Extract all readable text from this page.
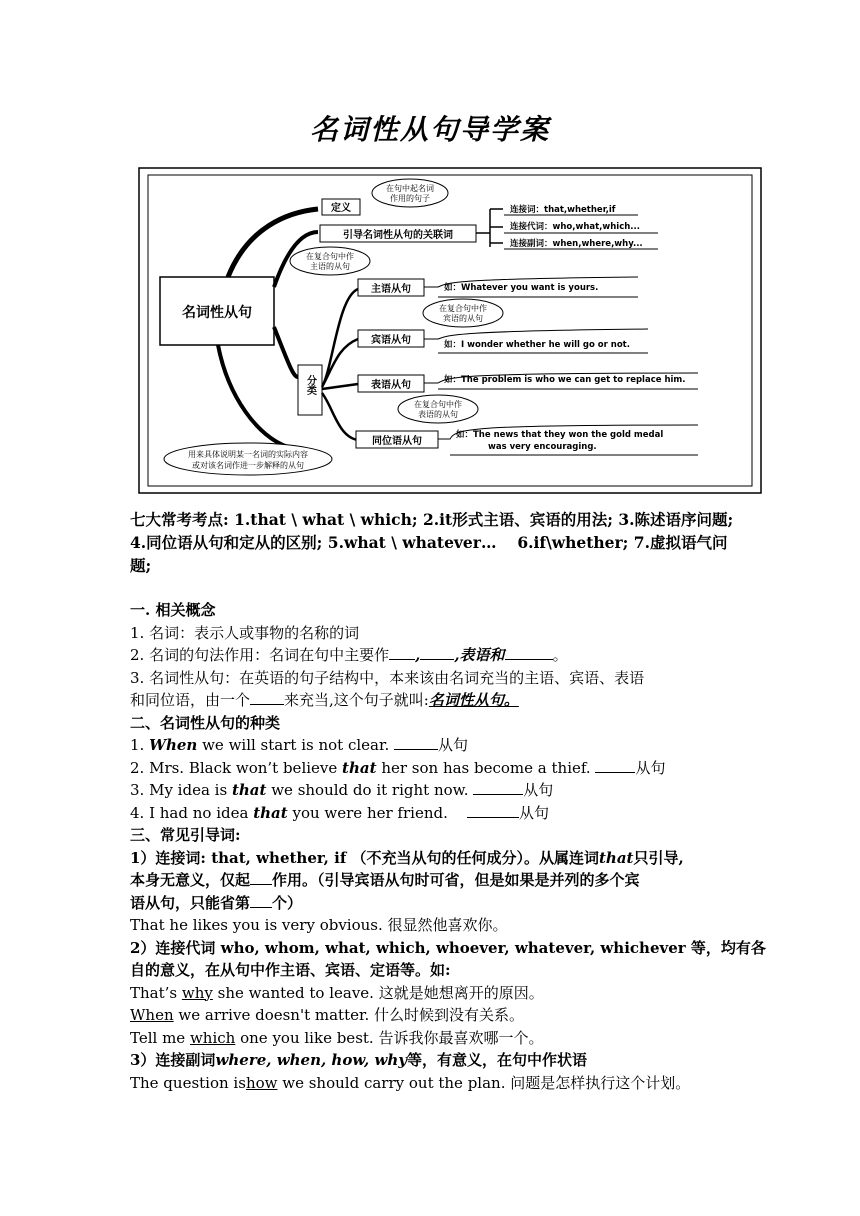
名词性从句导学案
名词性从句
定义
在句中起名词
作用的句子
引导名词性从句的关联词
连接词：that,whether,if
连接代词：who,what,which...
连接副词：when,where,why...
分类
在复合句中作
主语的从句
主语从句	如：Whatever you want is yours.
在复合句中作
宾语的从句
宾语从句	如：I wonder whether he will go or not.
表语从句	如：The problem is who we can get to replace him.
在复合句中作
表语的从句
同位语从句
如：The news that they won the gold medal
was very encouraging.
用来具体说明某一名词的实际内容
或对该名词作进一步解释的从句
七大常考考点: 1.that \ what \ which; 2.it形式主语、宾语的用法; 3.陈述语序问题; 4.同位语从句和定从的区别; 5.what \ whatever…　 6.if\whether; 7.虚拟语气问题;
一. 相关概念
1. 名词：表示人或事物的名称的词
2. 名词的句法作用：名词在句中主要作 , ,表语和	。
3. 名词性从句：在英语的句子结构中，本来该由名词充当的主语、宾语、表语
和同位语，由一个 来充当,这个句子就叫:名词性从句。
二、名词性从句的种类
1. When we will start is not clear.	从句
2. Mrs. Black won’t believe that her son has become a thief.	从句
3. My idea is that we should do it right now.	从句
4. I had no idea that you were her friend.	从句
三、常见引导词:
1）连接词: that, whether, if （不充当从句的任何成分）。从属连词that只引导,
本身无意义，仅起 作用。（引导宾语从句时可省，但是如果是并列的多个宾
语从句，只能省第 个）
That he likes you is very obvious. 很显然他喜欢你。
2）连接代词 who, whom, what, which, whoever, whatever, whichever 等，均有各
自的意义，在从句中作主语、宾语、定语等。如:
That’s why she wanted to leave. 这就是她想离开的原因。
When we arrive doesn't matter. 什么时候到没有关系。
Tell me which one you like best. 告诉我你最喜欢哪一个。
3）连接副词where, when, how, why等，有意义，在句中作状语
The question ishow we should carry out the plan. 问题是怎样执行这个计划。
